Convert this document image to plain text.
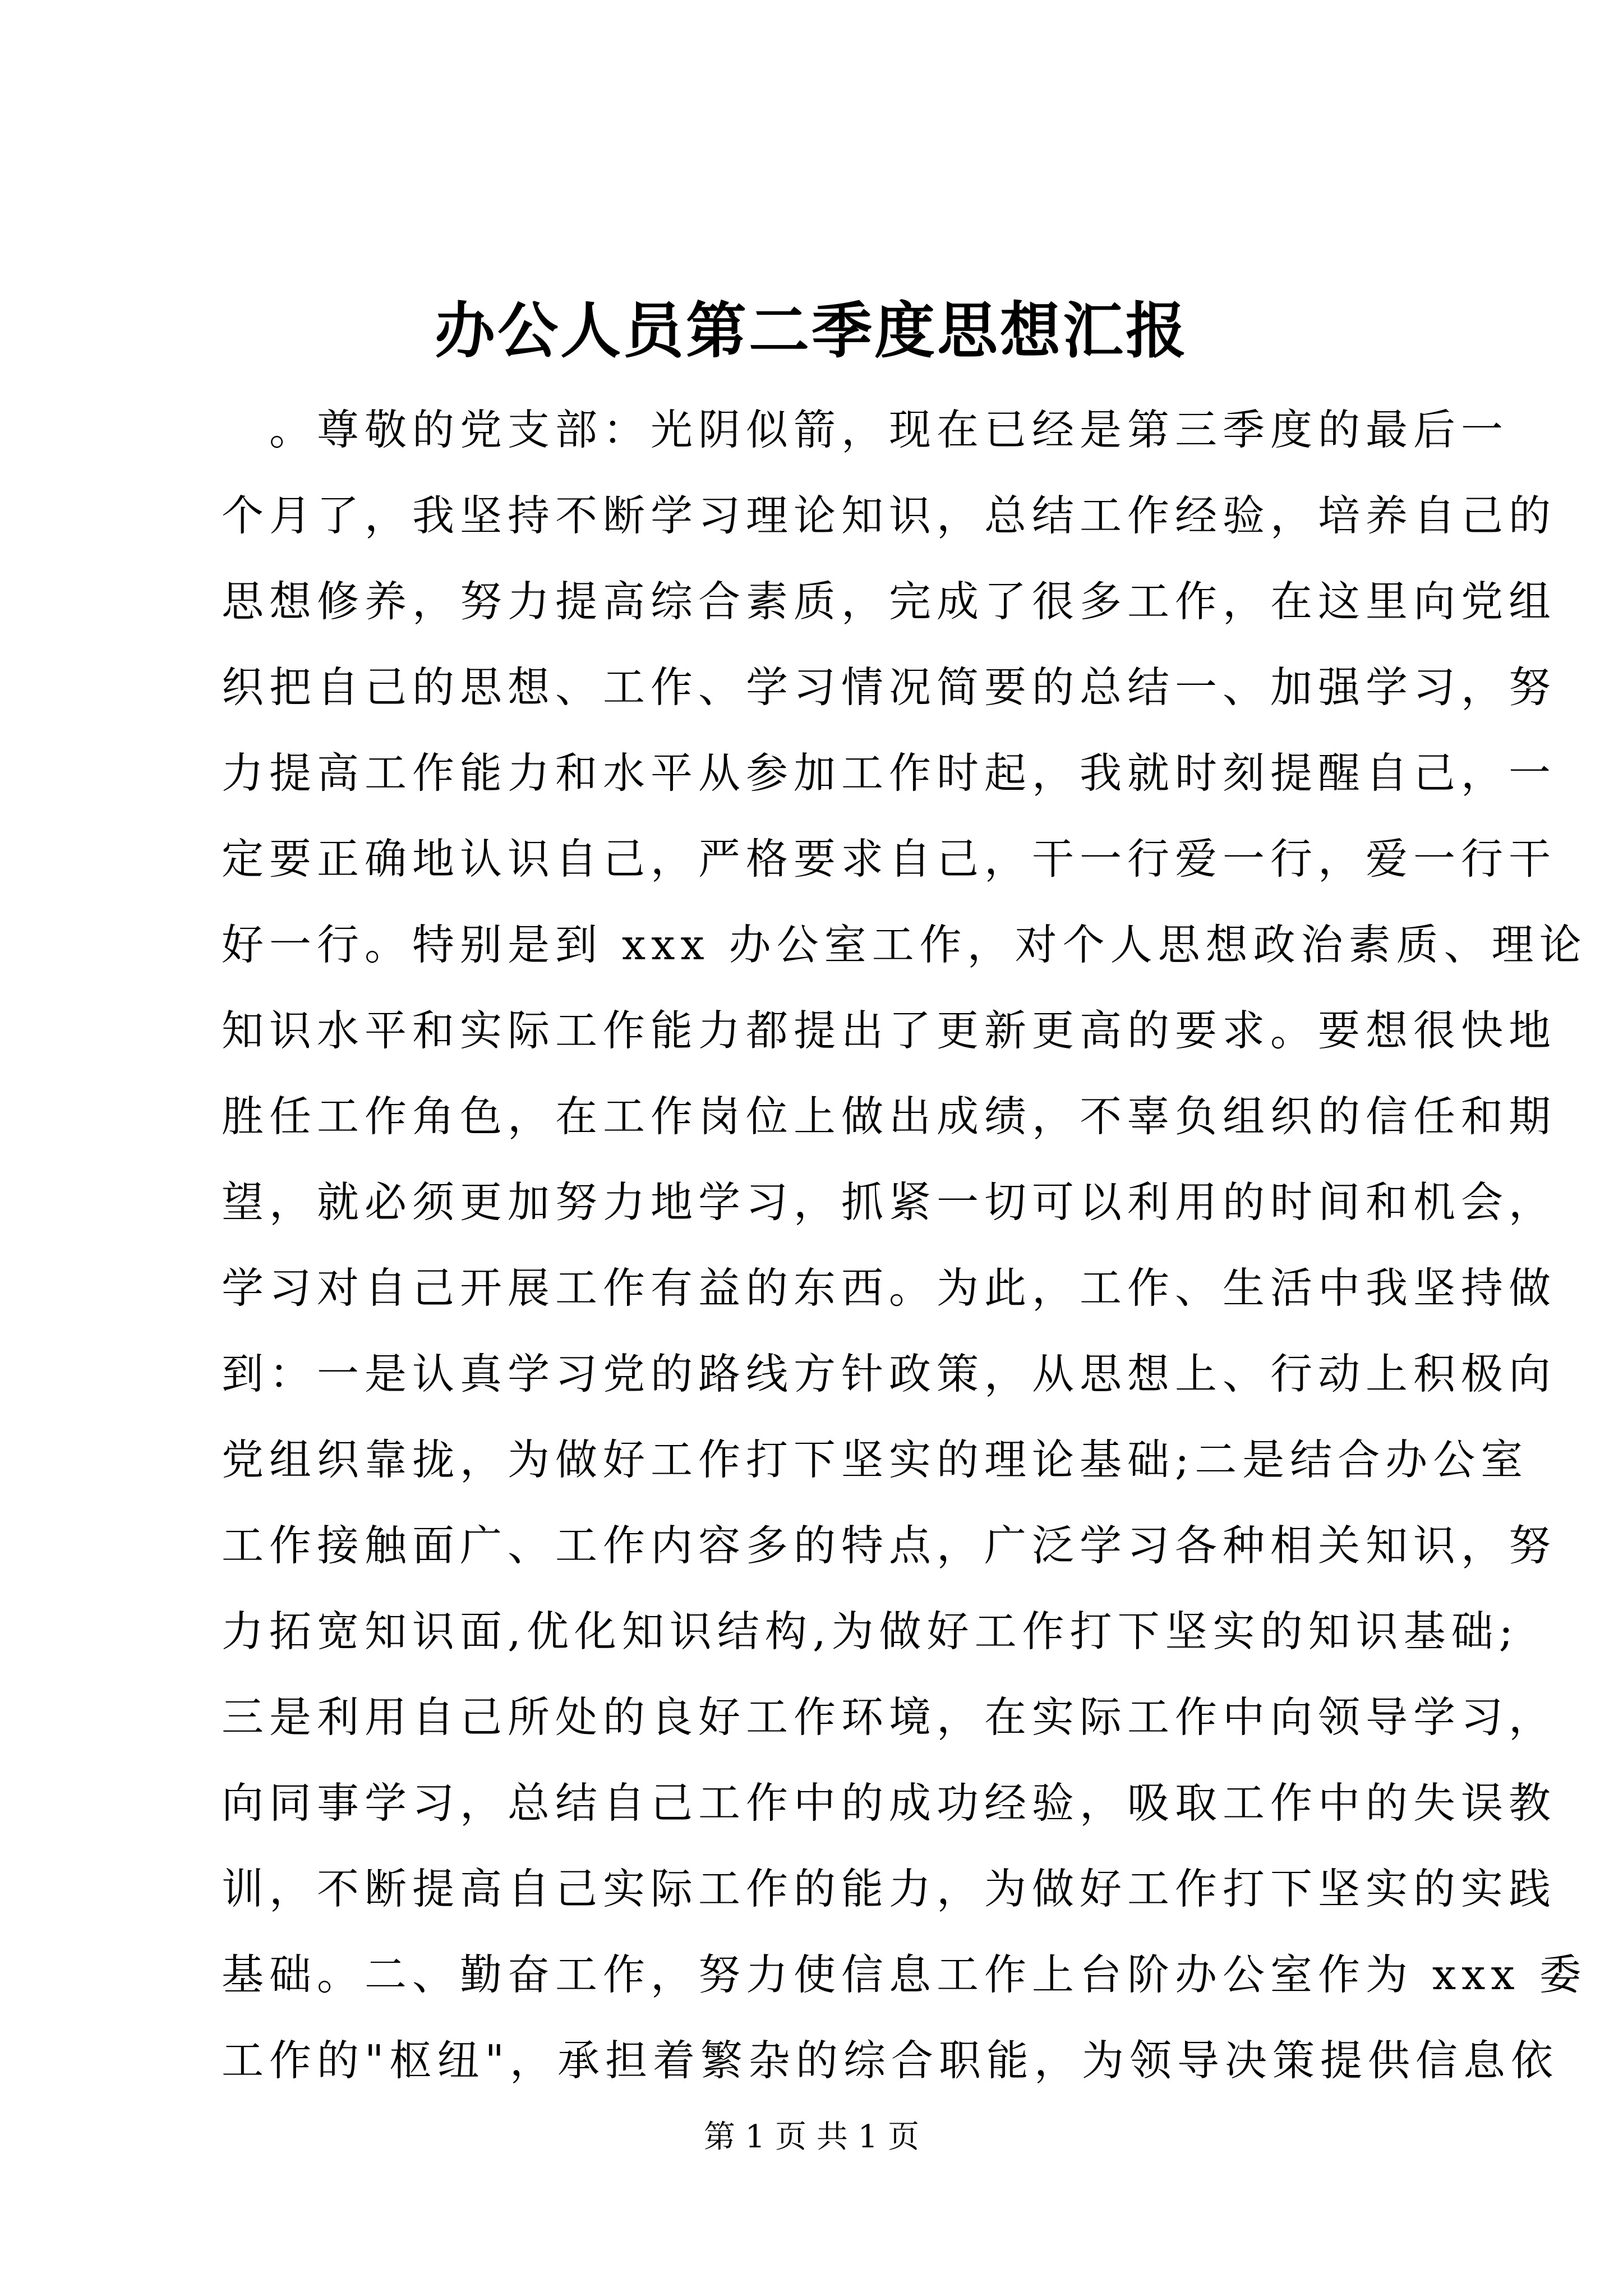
办公人员第二季度思想汇报
　。尊敬的党支部：光阴似箭，现在已经是第三季度的最后一
个月了，我坚持不断学习理论知识，总结工作经验，培养自己的
思想修养，努力提高综合素质，完成了很多工作，在这里向党组
织把自己的思想、工作、学习情况简要的总结一、加强学习，努
力提高工作能力和水平从参加工作时起，我就时刻提醒自己，一
定要正确地认识自己，严格要求自己，干一行爱一行，爱一行干
好一行。特别是到 xxx 办公室工作，对个人思想政治素质、理论
知识水平和实际工作能力都提出了更新更高的要求。要想很快地
胜任工作角色，在工作岗位上做出成绩，不辜负组织的信任和期
望，就必须更加努力地学习，抓紧一切可以利用的时间和机会，
学习对自己开展工作有益的东西。为此，工作、生活中我坚持做
到：一是认真学习党的路线方针政策，从思想上、行动上积极向
党组织靠拢，为做好工作打下坚实的理论基础;二是结合办公室
工作接触面广、工作内容多的特点，广泛学习各种相关知识，努
力拓宽知识面,优化知识结构,为做好工作打下坚实的知识基础;
三是利用自己所处的良好工作环境，在实际工作中向领导学习，
向同事学习，总结自己工作中的成功经验，吸取工作中的失误教
训，不断提高自己实际工作的能力，为做好工作打下坚实的实践
基础。二、勤奋工作，努力使信息工作上台阶办公室作为 xxx 委
工作的"枢纽"，承担着繁杂的综合职能，为领导决策提供信息依

第 1 页 共 1 页
